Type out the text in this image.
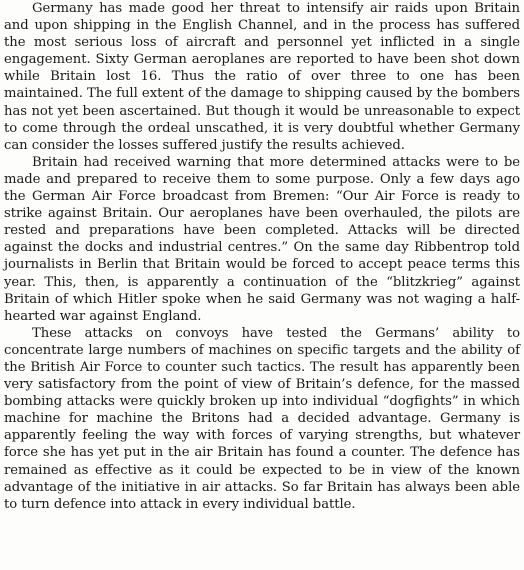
Germany has made good her threat to intensify air raids upon Britain and upon shipping in the English Channel, and in the process has suffered the most serious loss of aircraft and personnel yet inflicted in a single engagement. Sixty German aeroplanes are reported to have been shot down while Britain lost 16. Thus the ratio of over three to one has been maintained. The full extent of the damage to shipping caused by the bombers has not yet been ascertained. But though it would be unreasonable to expect to come through the ordeal unscathed, it is very doubtful whether Germany can consider the losses suffered justify the results achieved.

Britain had received warning that more determined attacks were to be made and prepared to receive them to some purpose. Only a few days ago the German Air Force broadcast from Bremen: “Our Air Force is ready to strike against Britain. Our aeroplanes have been overhauled, the pilots are rested and preparations have been completed. Attacks will be directed against the docks and industrial centres.” On the same day Ribbentrop told journalists in Berlin that Britain would be forced to accept peace terms this year. This, then, is apparently a continuation of the “blitzkrieg” against Britain of which Hitler spoke when he said Germany was not waging a half-hearted war against England.

These attacks on convoys have tested the Germans’ ability to concentrate large numbers of machines on specific targets and the ability of the British Air Force to counter such tactics. The result has apparently been very satisfactory from the point of view of Britain’s defence, for the massed bombing attacks were quickly broken up into individual “dogfights” in which machine for machine the Britons had a decided advantage. Germany is apparently feeling the way with forces of varying strengths, but whatever force she has yet put in the air Britain has found a counter. The defence has remained as effective as it could be expected to be in view of the known advantage of the initiative in air attacks. So far Britain has always been able to turn defence into attack in every individual battle.
